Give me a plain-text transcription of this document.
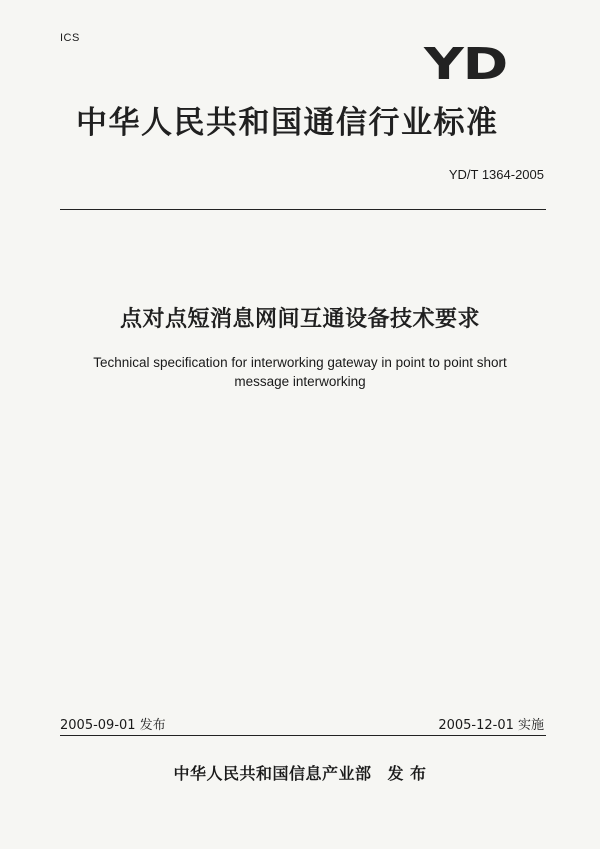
ICS
YD
中华人民共和国通信行业标准
YD/T 1364-2005
点对点短消息网间互通设备技术要求
Technical specification for interworking gateway in point to point short
message interworking
2005-09-01 发布	2005-12-01 实施
中华人民共和国信息产业部 发 布
